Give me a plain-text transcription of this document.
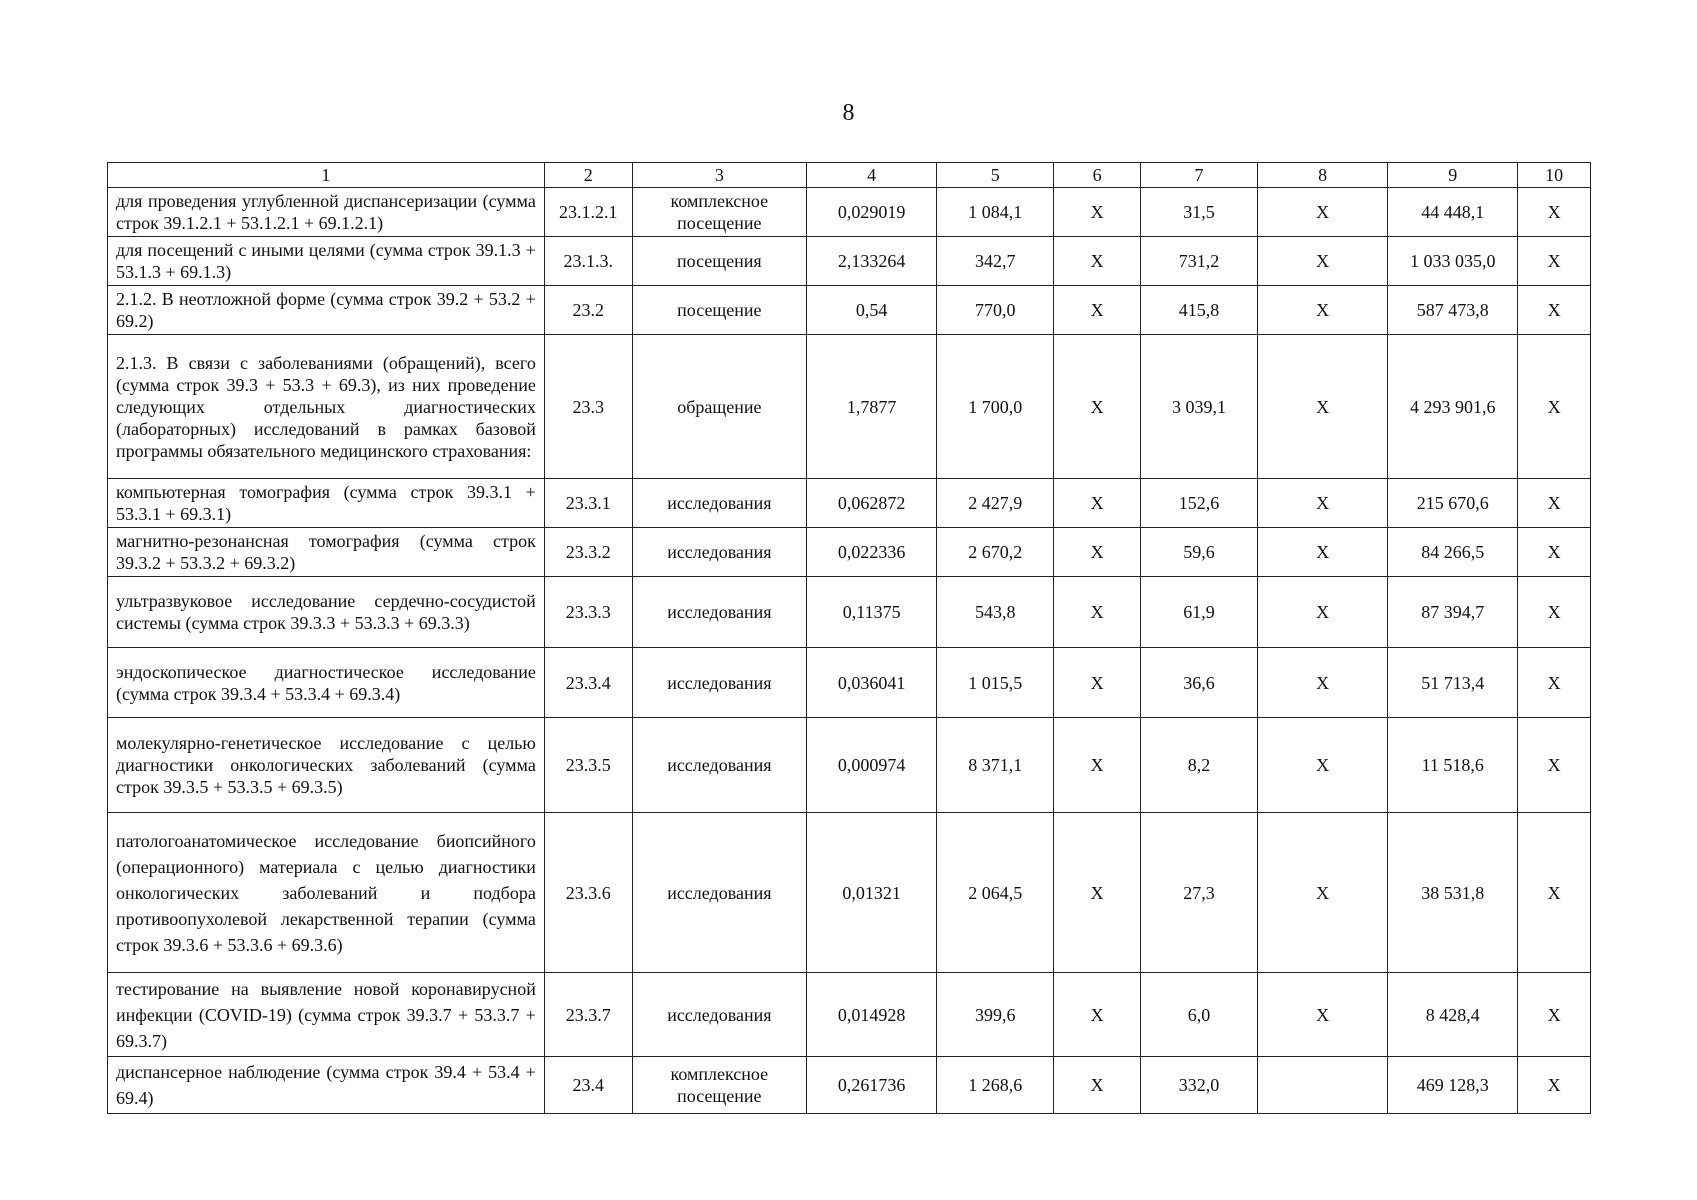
8
1	2	3	4	5	6	7	8	9	10
для проведения углубленной диспансеризации (сумма строк 39.1.2.1 + 53.1.2.1 + 69.1.2.1)	23.1.2.1	комплексное посещение	0,029019	1 084,1	X	31,5	X	44 448,1	X
для посещений с иными целями (сумма строк 39.1.3 + 53.1.3 + 69.1.3)	23.1.3.	посещения	2,133264	342,7	X	731,2	X	1 033 035,0	X
2.1.2. В неотложной форме (сумма строк 39.2 + 53.2 + 69.2)	23.2	посещение	0,54	770,0	X	415,8	X	587 473,8	X
2.1.3. В связи с заболеваниями (обращений), всего (сумма строк 39.3 + 53.3 + 69.3), из них проведение следующих отдельных диагностических (лабораторных) исследований в рамках базовой программы обязательного медицинского страхования:	23.3	обращение	1,7877	1 700,0	X	3 039,1	X	4 293 901,6	X
компьютерная томография (сумма строк 39.3.1 + 53.3.1 + 69.3.1)	23.3.1	исследования	0,062872	2 427,9	X	152,6	X	215 670,6	X
магнитно-резонансная томография (сумма строк 39.3.2 + 53.3.2 + 69.3.2)	23.3.2	исследования	0,022336	2 670,2	X	59,6	X	84 266,5	X
ультразвуковое исследование сердечно-сосудистой системы (сумма строк 39.3.3 + 53.3.3 + 69.3.3)	23.3.3	исследования	0,11375	543,8	X	61,9	X	87 394,7	X
эндоскопическое диагностическое исследование (сумма строк 39.3.4 + 53.3.4 + 69.3.4)	23.3.4	исследования	0,036041	1 015,5	X	36,6	X	51 713,4	X
молекулярно-генетическое исследование с целью диагностики онкологических заболеваний (сумма строк 39.3.5 + 53.3.5 + 69.3.5)	23.3.5	исследования	0,000974	8 371,1	X	8,2	X	11 518,6	X
патологоанатомическое исследование биопсийного (операционного) материала с целью диагностики онкологических заболеваний и подбора противоопухолевой лекарственной терапии (сумма строк 39.3.6 + 53.3.6 + 69.3.6)	23.3.6	исследования	0,01321	2 064,5	X	27,3	X	38 531,8	X
тестирование на выявление новой коронавирусной инфекции (COVID-19) (сумма строк 39.3.7 + 53.3.7 + 69.3.7)	23.3.7	исследования	0,014928	399,6	X	6,0	X	8 428,4	X
диспансерное наблюдение (сумма строк 39.4 + 53.4 + 69.4)	23.4	комплексное посещение	0,261736	1 268,6	X	332,0		469 128,3	X
